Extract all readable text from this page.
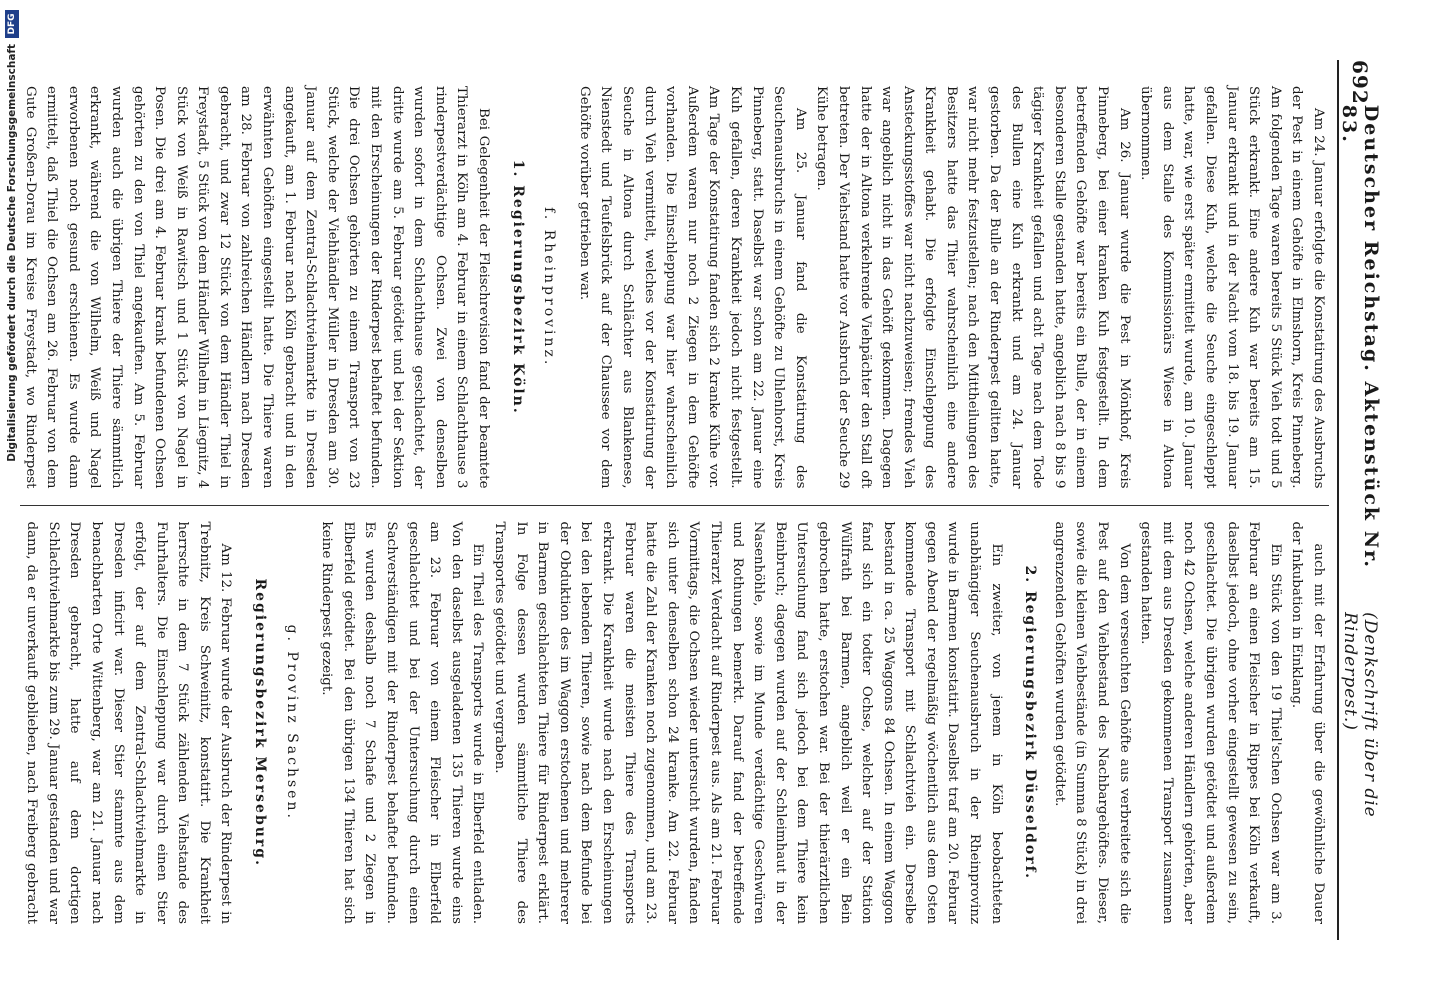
692
Deutscher Reichstag. Aktenstück Nr. 83.
(Denkschrift über die Rinderpest.)

Am 24. Januar erfolgte die Konstatirung des Ausbruchs der Pest in einem Gehöfte in Elmshorn, Kreis Pinneberg. Am folgenden Tage waren bereits 5 Stück Vieh todt und 5 Stück erkrankt. Eine andere Kuh war bereits am 15. Januar erkrankt und in der Nacht vom 18. bis 19. Januar gefallen. Diese Kuh, welche die Seuche eingeschleppt hatte, war, wie erst später ermittelt wurde, am 10. Januar aus dem Stalle des Kommissionärs Wiese in Altona übernommen.

Am 26. Januar wurde die Pest in Mönkhof, Kreis Pinneberg, bei einer kranken Kuh festgestellt. In dem betreffenden Gehöfte war bereits ein Bulle, der in einem besonderen Stalle gestanden hatte, angeblich nach 8 bis 9 tägiger Krankheit gefallen und acht Tage nach dem Tode des Bullen eine Kuh erkrankt und am 24. Januar gestorben. Da der Bulle an der Rinderpest gelitten hatte, war nicht mehr festzustellen; nach den Mittheilungen des Besitzers hatte das Thier wahrscheinlich eine andere Krankheit gehabt. Die erfolgte Einschleppung des Ansteckungsstoffes war nicht nachzuweisen; fremdes Vieh war angeblich nicht in das Gehöft gekommen. Dagegen hatte der in Altona verkehrende Viehpächter den Stall oft betreten. Der Viehstand hatte vor Ausbruch der Seuche 29 Kühe betragen.

Am 25. Januar fand die Konstatirung des Seuchenausbruchs in einem Gehöfte zu Uhlenhorst, Kreis Pinneberg, statt. Daselbst war schon am 22. Januar eine Kuh gefallen, deren Krankheit jedoch nicht festgestellt. Am Tage der Konstatirung fanden sich 2 kranke Kühe vor. Außerdem waren nur noch 2 Ziegen in dem Gehöfte vorhanden. Die Einschleppung war hier wahrscheinlich durch Vieh vermittelt, welches vor der Konstatirung der Seuche in Altona durch Schlächter aus Blankenese, Nienstedt und Teufelsbrück auf der Chaussee vor dem Gehöfte vorüber getrieben war.

f. Rheinprovinz.
1. Regierungsbezirk Köln.

Bei Gelegenheit der Fleischrevision fand der beamtete Thierarzt in Köln am 4. Februar in einem Schlachthause 3 rinderpestverdächtige Ochsen. Zwei von denselben wurden sofort in dem Schlachthause geschlachtet, der dritte wurde am 5. Februar getödtet und bei der Sektion mit den Erscheinungen der Rinderpest behaftet befunden. Die drei Ochsen gehörten zu einem Transport von 23 Stück, welche der Viehhändler Müller in Dresden am 30. Januar auf dem Zentral-Schlachtviehmarkte in Dresden angekauft, am 1. Februar nach Köln gebracht und in den erwähnten Gehöften eingestellt hatte. Die Thiere waren am 28. Februar von zahlreichen Händlern nach Dresden gebracht, und zwar 12 Stück von dem Händler Thiel in Freystadt, 5 Stück von dem Händler Wilhelm in Liegnitz, 4 Stück von Weiß in Rawitsch und 1 Stück von Nagel in Posen. Die drei am 4. Februar krank befundenen Ochsen gehörten zu den von Thiel angekauften. Am 5. Februar wurden auch die übrigen Thiere der Thiere sämmtlich erkrankt, während die von Wilhelm, Weiß und Nagel erworbenen noch gesund erschienen. Es wurde dann ermittelt, daß Thiel die Ochsen am 26. Februar von dem Gute Großen-Dorau im Kreise Freystadt, wo Rinderpest

auch mit der Erfahrung über die gewöhnliche Dauer der Inkubation in Einklang.

Ein Stück von den 19 Thiel'schen Ochsen war am 3. Februar an einen Fleischer in Rippes bei Köln verkauft, daselbst jedoch, ohne vorher eingestellt gewesen zu sein, geschlachtet. Die übrigen wurden getödtet und außerdem noch 42 Ochsen, welche anderen Händlern gehörten, aber mit dem aus Dresden gekommenen Transport zusammen gestanden hatten.

Von dem verseuchten Gehöfte aus verbreitete sich die Pest auf den Viehbestand des Nachbargehöftes. Dieser, sowie die kleinen Viehbestände (in Summa 8 Stück) in drei angrenzenden Gehöften wurden getödtet.

2. Regierungsbezirk Düsseldorf.

Ein zweiter, von jenem in Köln beobachteten unabhängiger Seuchenausbruch in der Rheinprovinz wurde in Barmen konstatirt. Daselbst traf am 20. Februar gegen Abend der regelmäßig wöchentlich aus dem Osten kommende Transport mit Schlachtvieh ein. Derselbe bestand in ca. 25 Waggons 84 Ochsen. In einem Waggon fand sich ein todter Ochse, welcher auf der Station Wülfrath bei Barmen, angeblich weil er ein Bein gebrochen hatte, erstochen war. Bei der thierärztlichen Untersuchung fand sich jedoch bei dem Thiere kein Beinbruch; dagegen wurden auf der Schleimhaut in der Nasenhöhle, sowie im Munde verdächtige Geschwüren und Rothungen bemerkt. Darauf fand der betreffende Thierarzt Verdacht auf Rinderpest aus. Als am 21. Februar Vormittags, die Ochsen wieder untersucht wurden, fanden sich unter denselben schon 24 kranke. Am 22. Februar hatte die Zahl der Kranken noch zugenommen, und am 23. Februar waren die meisten Thiere des Transports erkrankt. Die Krankheit wurde nach den Erscheinungen bei den lebenden Thieren, sowie nach dem Befunde bei der Obduktion des im Waggon erstochenen und mehrerer in Barmen geschlachteten Thiere für Rinderpest erklärt. In Folge dessen wurden sämmtliche Thiere des Transportes getödtet und vergraben.

Ein Theil des Transports wurde in Elberfeld entladen. Von den daselbst ausgeladenen 135 Thieren wurde eins am 23. Februar von einem Fleischer in Elberfeld geschlachtet und bei der Untersuchung durch einen Sachverständigen mit der Rinderpest behaftet befunden. Es wurden deshalb noch 7 Schafe und 2 Ziegen in Elberfeld getödtet. Bei den übrigen 134 Thieren hat sich keine Rinderpest gezeigt.

g. Provinz Sachsen.
Regierungsbezirk Merseburg.

Am 12. Februar wurde der Ausbruch der Rinderpest in Trebnitz, Kreis Schweinitz, konstatirt. Die Krankheit herrschte in dem 7 Stück zählenden Viehstande des Fuhrhalters. Die Einschleppung war durch einen Stier erfolgt, der auf dem Zentral-Schlachtviehmarkte in Dresden inficirt war. Dieser Stier stammte aus dem benachbarten Orte Wittenberg, war am 21. Januar nach Dresden gebracht, hatte auf dem dortigen Schlachtviehmarkte bis zum 29. Januar gestanden und war dann, da er unverkauft geblieben, nach Freiberg gebracht

Digitalisierung gefördert durch die Deutsche Forschungsgemeinschaft
DFG
